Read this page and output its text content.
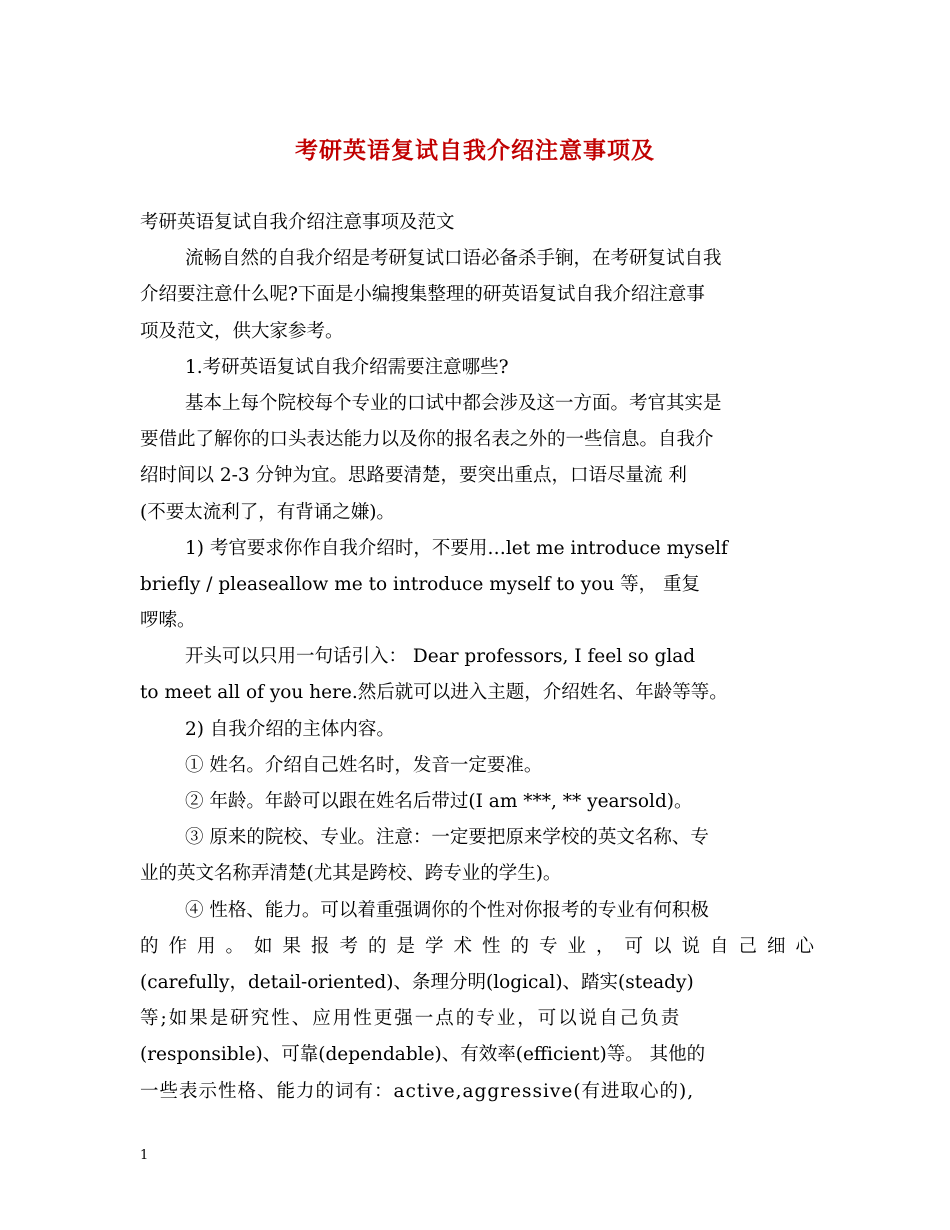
考研英语复试自我介绍注意事项及
考研英语复试自我介绍注意事项及范文
流畅自然的自我介绍是考研复试口语必备杀手锏，在考研复试自我
介绍要注意什么呢?下面是小编搜集整理的研英语复试自我介绍注意事
项及范文，供大家参考。
1.考研英语复试自我介绍需要注意哪些?
基本上每个院校每个专业的口试中都会涉及这一方面。考官其实是
要借此了解你的口头表达能力以及你的报名表之外的一些信息。自我介
绍时间以 2-3 分钟为宜。思路要清楚，要突出重点，口语尽量流 利
(不要太流利了，有背诵之嫌)。
1) 考官要求你作自我介绍时，不要用…let me introduce myself
briefly / pleaseallow me to introduce myself to you 等， 重复
啰嗦。
开头可以只用一句话引入： Dear professors, I feel so glad
to meet all of you here.然后就可以进入主题，介绍姓名、年龄等等。
2) 自我介绍的主体内容。
① 姓名。介绍自己姓名时，发音一定要准。
② 年龄。年龄可以跟在姓名后带过(I am ***, ** yearsold)。
③ 原来的院校、专业。注意：一定要把原来学校的英文名称、专
业的英文名称弄清楚(尤其是跨校、跨专业的学生)。
④ 性格、能力。可以着重强调你的个性对你报考的专业有何积极
的作用。如果报考的是学术性的专业，可以说自己细心
(carefully，detail-oriented)、条理分明(logical)、踏实(steady)
等;如果是研究性、应用性更强一点的专业，可以说自己负责
(responsible)、可靠(dependable)、有效率(efficient)等。 其他的
一些表示性格、能力的词有：active,aggressive(有进取心的),
1
